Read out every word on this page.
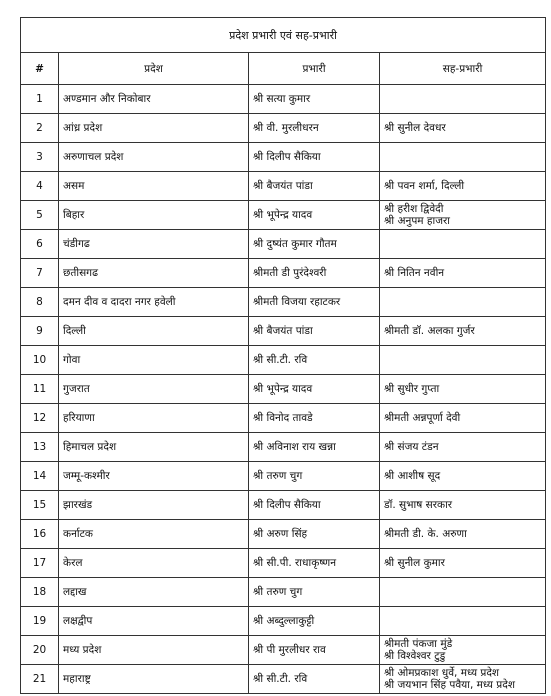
प्रदेश प्रभारी एवं सह-प्रभारी			
#	प्रदेश	प्रभारी	सह-प्रभारी
1	अण्डमान और निकोबार	श्री सत्या कुमार	
2	आंध्र प्रदेश	श्री वी. मुरलीधरन	श्री सुनील देवधर

3	अरुणाचल प्रदेश	श्री दिलीप सैकिया	
4	असम	श्री बैजयंत पांडा	श्री पवन शर्मा, दिल्ली

5	बिहार	श्री भूपेन्द्र यादव	श्री हरीश द्विवेदी
श्री अनुपम हाजरा

6	चंडीगढ	श्री दुष्यंत कुमार गौतम	
7	छतीसगढ	श्रीमती डी पुरंदेश्वरी	श्री नितिन नवीन

8	दमन दीव व दादरा नगर हवेली	श्रीमती विजया रहाटकर	
9	दिल्ली	श्री बैजयंत पांडा	श्रीमती डॉ. अलका गुर्जर

10	गोवा	श्री सी.टी. रवि	
11	गुजरात	श्री भूपेन्द्र यादव	श्री सुधीर गुप्ता

12	हरियाणा	श्री विनोद तावडे	श्रीमती अन्नपूर्णा देवी

13	हिमाचल प्रदेश	श्री अविनाश राय खन्ना	श्री संजय टंडन

14	जम्मू-कश्मीर	श्री तरुण चुग	श्री आशीष सूद

15	झारखंड	श्री दिलीप सैकिया	डॉ. सुभाष सरकार

16	कर्नाटक	श्री अरुण सिंह	श्रीमती डी. के. अरुणा

17	केरल	श्री सी.पी. राधाकृष्णन	श्री सुनील कुमार

18	लद्दाख	श्री तरुण चुग	
19	लक्षद्वीप	श्री अब्दुल्लाकुट्टी	
20	मध्य प्रदेश	श्री पी मुरलीधर राव	श्रीमती पंकजा मुंडे
श्री विश्वेश्वर टुडु

21	महाराष्ट्र	श्री सी.टी. रवि	श्री ओमप्रकाश धुर्वे, मध्य प्रदेश
श्री जयभान सिंह पवैया, मध्य प्रदेश
